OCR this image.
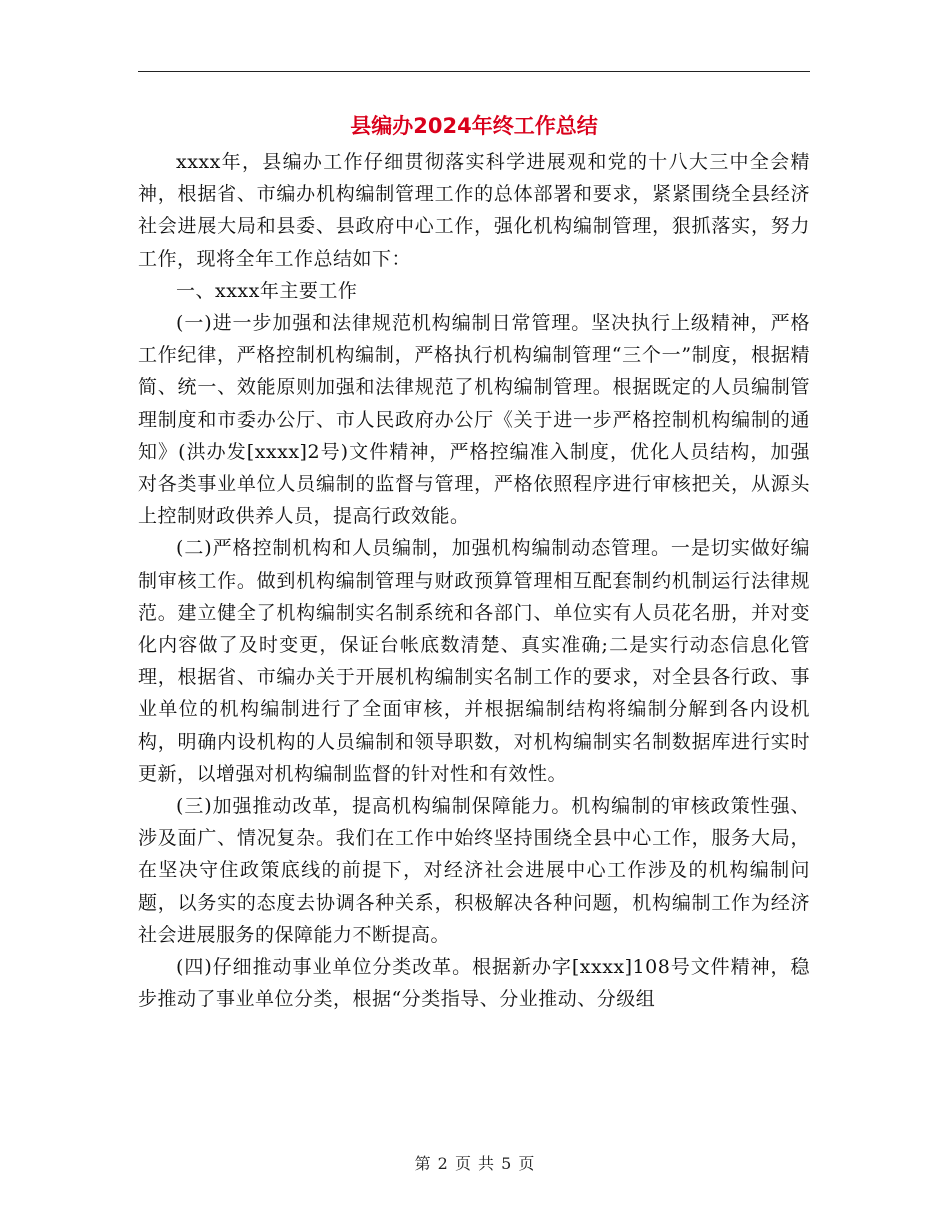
县编办2024年终工作总结

xxxx年，县编办工作仔细贯彻落实科学进展观和党的十八大三中全会精神，根据省、市编办机构编制管理工作的总体部署和要求，紧紧围绕全县经济社会进展大局和县委、县政府中心工作，强化机构编制管理，狠抓落实，努力工作，现将全年工作总结如下：

一、xxxx年主要工作

(一)进一步加强和法律规范机构编制日常管理。坚决执行上级精神，严格工作纪律，严格控制机构编制，严格执行机构编制管理“三个一”制度，根据精简、统一、效能原则加强和法律规范了机构编制管理。根据既定的人员编制管理制度和市委办公厅、市人民政府办公厅《关于进一步严格控制机构编制的通知》(洪办发[xxxx]2号)文件精神，严格控编准入制度，优化人员结构，加强对各类事业单位人员编制的监督与管理，严格依照程序进行审核把关，从源头上控制财政供养人员，提高行政效能。

(二)严格控制机构和人员编制，加强机构编制动态管理。一是切实做好编制审核工作。做到机构编制管理与财政预算管理相互配套制约机制运行法律规范。建立健全了机构编制实名制系统和各部门、单位实有人员花名册，并对变化内容做了及时变更，保证台帐底数清楚、真实准确;二是实行动态信息化管理，根据省、市编办关于开展机构编制实名制工作的要求，对全县各行政、事业单位的机构编制进行了全面审核，并根据编制结构将编制分解到各内设机构，明确内设机构的人员编制和领导职数，对机构编制实名制数据库进行实时更新，以增强对机构编制监督的针对性和有效性。

(三)加强推动改革，提高机构编制保障能力。机构编制的审核政策性强、涉及面广、情况复杂。我们在工作中始终坚持围绕全县中心工作，服务大局，在坚决守住政策底线的前提下，对经济社会进展中心工作涉及的机构编制问题，以务实的态度去协调各种关系，积极解决各种问题，机构编制工作为经济社会进展服务的保障能力不断提高。

(四)仔细推动事业单位分类改革。根据新办字[xxxx]108号文件精神，稳步推动了事业单位分类，根据“分类指导、分业推动、分级组

第 2 页 共 5 页
